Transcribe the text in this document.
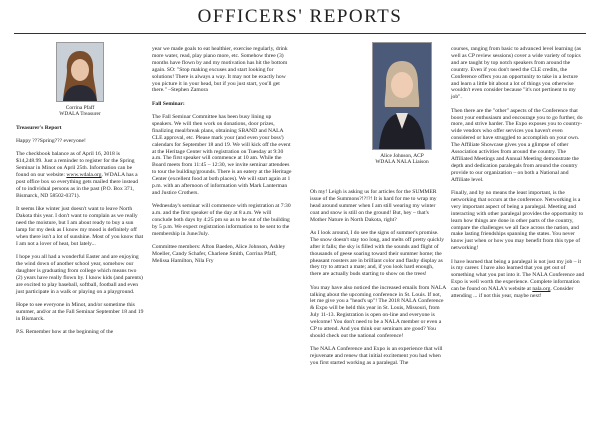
OFFICERS' REPORTS
Corrina Pfaff
WDALA Treasurer

Treasurer's Report

Happy ???Spring??? everyone!

The checkbook balance as of April 16, 2018 is $14,248.99. Just a reminder to register for the Spring Seminar in Minot on April 25th. Information can be found on our website: www.wdala.org. WDALA has a post office box so everything gets mailed there instead of to individual persons as in the past (P.O. Box 371, Bismarck, ND 58502-0371).

It seems like winter just doesn't want to leave North Dakota this year. I don't want to complain as we really need the moisture, but I am about ready to buy a sun lamp for my desk as I know my mood is definitely off when there isn't a lot of sunshine. Most of you know that I am not a lover of heat, but lately...

I hope you all had a wonderful Easter and are enjoying the wind down of another school year, somehow our daughter is graduating from college which means two (2) years have really flown by. I know kids (and parents) are excited to play baseball, softball, football and even just participate in a walk or playing on a playground.

Hope to see everyone in Minot, and/or sometime this summer, and/or at the Fall Seminar September 18 and 19 in Bismarck.

P.S. Remember how at the beginning of the

year we made goals to eat healthier, exercise regularly, drink more water, read, play piano more, etc. Somehow three (3) months have flown by and my motivation has hit the bottom again. SO: "Stop making excuses and start looking for solutions! There is always a way. It may not be exactly how you picture it in your head, but if you just start, you'll get there." –Stephen Zamora

Fall Seminar:

The Fall Seminar Committee has been busy lining up speakers. We will then work on donations, door prizes, finalizing meal/break plans, obtaining SBAND and NALA CLE approval, etc. Please mark your (and even your boss') calendars for September 18 and 19. We will kick off the event at the Heritage Center with registration on Tuesday at 9:30 a.m. The first speaker will commence at 10 am. While the Board meets from 11:45 – 12:30, we invite seminar attendees to tour the building/grounds. There is an eatery at the Heritage Center (excellent food at both places). We will start again at 1 p.m. with an afternoon of information with Mark Lanterman and Justice Crothers.

Wednesday's seminar will commence with registration at 7:30 a.m. and the first speaker of the day at 8 a.m. We will conclude both days by 4:25 pm so as to be out of the building by 5 p.m. We expect registration information to be sent to the membership in June/July.

Committee members: Afton Baeden, Alice Johnson, Ashley Moeller, Candy Schafer, Charlene Smith, Corrina Pfaff, Melissa Hamilton, Nila Fry

Alice Johnson, ACP
WDALA NALA Liaison

Oh my! Leigh is asking us for articles for the SUMMER issue of the Summons?!?!?! It is hard for me to wrap my head around summer when I am still wearing my winter coat and snow is still on the ground! But, hey – that's Mother Nature in North Dakota, right?

As I look around, I do see the signs of summer's promise. The snow doesn't stay too long, and melts off pretty quickly after it falls; the sky is filled with the sounds and flight of thousands of geese soaring toward their summer home; the pheasant roosters are in brilliant color and flashy display as they try to attract a mate; and, if you look hard enough, there are actually buds starting to show on the trees!

You may have also noticed the increased emails from NALA talking about the upcoming conference in St. Louis. If not, let me give you a "head's up"! The 2018 NALA Conference & Expo will be held this year in St. Louis, Missouri, from July 11-13. Registration is open on-line and everyone is welcome! You don't need to be a NALA member or even a CP to attend. And you think our seminars are good? You should check out the national conference!

The NALA Conference and Expo is an experience that will rejuvenate and renew that initial excitement you had when you first started working as a paralegal. The

courses, ranging from basic to advanced level learning (as well as CP review sessions) cover a wide variety of topics and are taught by top notch speakers from around the country. Even if you don't need the CLE credits, the Conference offers you an opportunity to take in a lecture and learn a little bit about a lot of things you otherwise wouldn't even consider because "it's not pertinent to my job".

Then there are the "other" aspects of the Conference that boost your enthusiasm and encourage you to go further, do more, and strive harder. The Expo exposes you to country-wide vendors who offer services you haven't even considered or have struggled to accomplish on your own. The Affiliate Showcase gives you a glimpse of other Association activities from around the country. The Affiliated Meetings and Annual Meeting demonstrate the depth and dedication paralegals from around the country provide to our organization – on both a National and Affiliate level.

Finally, and by no means the least important, is the networking that occurs at the conference. Networking is a very important aspect of being a paralegal. Meeting and interacting with other paralegal provides the opportunity to learn how things are done in other parts of the country, compare the challenges we all face across the nation, and make lasting friendships spanning the states. You never know just when or how you may benefit from this type of networking!

I have learned that being a paralegal is not just my job – it is my career. I have also learned that you get out of something what you put into it. The NALA Conference and Expo is well worth the experience. Complete information can be found on NALA's website at nala.org. Consider attending ... if not this year, maybe next!
